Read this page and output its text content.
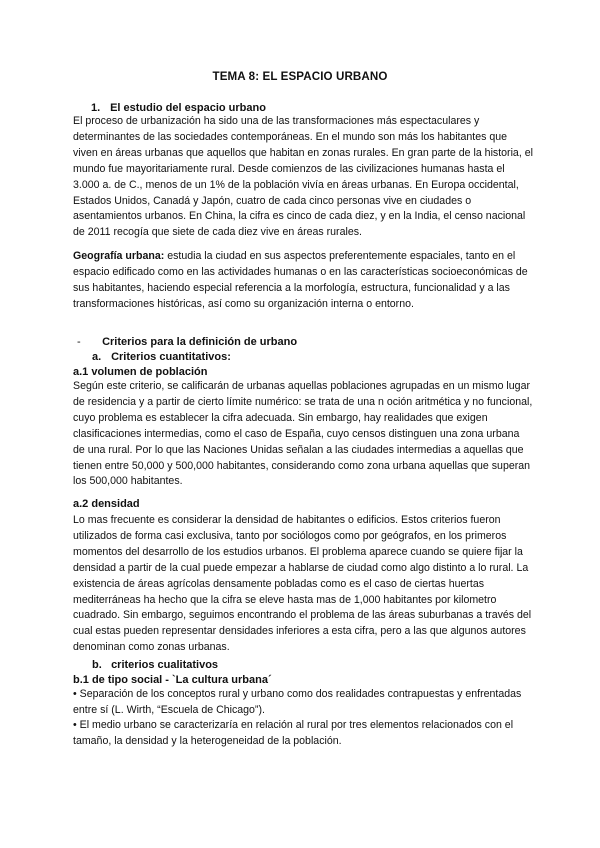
TEMA 8: EL ESPACIO URBANO
1. El estudio del espacio urbano

El proceso de urbanización ha sido una de las transformaciones más espectaculares y determinantes de las sociedades contemporáneas. En el mundo son más los habitantes que viven en áreas urbanas que aquellos que habitan en zonas rurales. En gran parte de la historia, el mundo fue mayoritariamente rural. Desde comienzos de las civilizaciones humanas hasta el 3.000 a. de C., menos de un 1% de la población vivía en áreas urbanas. En Europa occidental, Estados Unidos, Canadá y Japón, cuatro de cada cinco personas vive en ciudades o asentamientos urbanos. En China, la cifra es cinco de cada diez, y en la India, el censo nacional de 2011 recogía que siete de cada diez vive en áreas rurales.

Geografía urbana: estudia la ciudad en sus aspectos preferentemente espaciales, tanto en el espacio edificado como en las actividades humanas o en las características socioeconómicas de sus habitantes, haciendo especial referencia a la morfología, estructura, funcionalidad y a las transformaciones históricas, así como su organización interna o entorno.

- Criterios para la definición de urbano
a. Criterios cuantitativos:
a.1 volumen de población

Según este criterio, se calificarán de urbanas aquellas poblaciones agrupadas en un mismo lugar de residencia y a partir de cierto límite numérico: se trata de una n oción aritmética y no funcional, cuyo problema es establecer la cifra adecuada. Sin embargo, hay realidades que exigen clasificaciones intermedias, como el caso de España, cuyo censos distinguen una zona urbana de una rural. Por lo que las Naciones Unidas señalan a las ciudades intermedias a aquellas que tienen entre 50,000 y 500,000 habitantes, considerando como zona urbana aquellas que superan los 500,000 habitantes.

a.2 densidad

Lo mas frecuente es considerar la densidad de habitantes o edificios. Estos criterios fueron utilizados de forma casi exclusiva, tanto por sociólogos como por geógrafos, en los primeros momentos del desarrollo de los estudios urbanos. El problema aparece cuando se quiere fijar la densidad a partir de la cual puede empezar a hablarse de ciudad como algo distinto a lo rural. La existencia de áreas agrícolas densamente pobladas como es el caso de ciertas huertas mediterráneas ha hecho que la cifra se eleve hasta mas de 1,000 habitantes por kilometro cuadrado. Sin embargo, seguimos encontrando el problema de las áreas suburbanas a través del cual estas pueden representar densidades inferiores a esta cifra, pero a las que algunos autores denominan como zonas urbanas.

b. criterios cualitativos
b.1 de tipo social - `La cultura urbana´

• Separación de los conceptos rural y urbano como dos realidades contrapuestas y enfrentadas entre sí (L. Wirth, “Escuela de Chicago”).

• El medio urbano se caracterizaría en relación al rural por tres elementos relacionados con el tamaño, la densidad y la heterogeneidad de la población.
